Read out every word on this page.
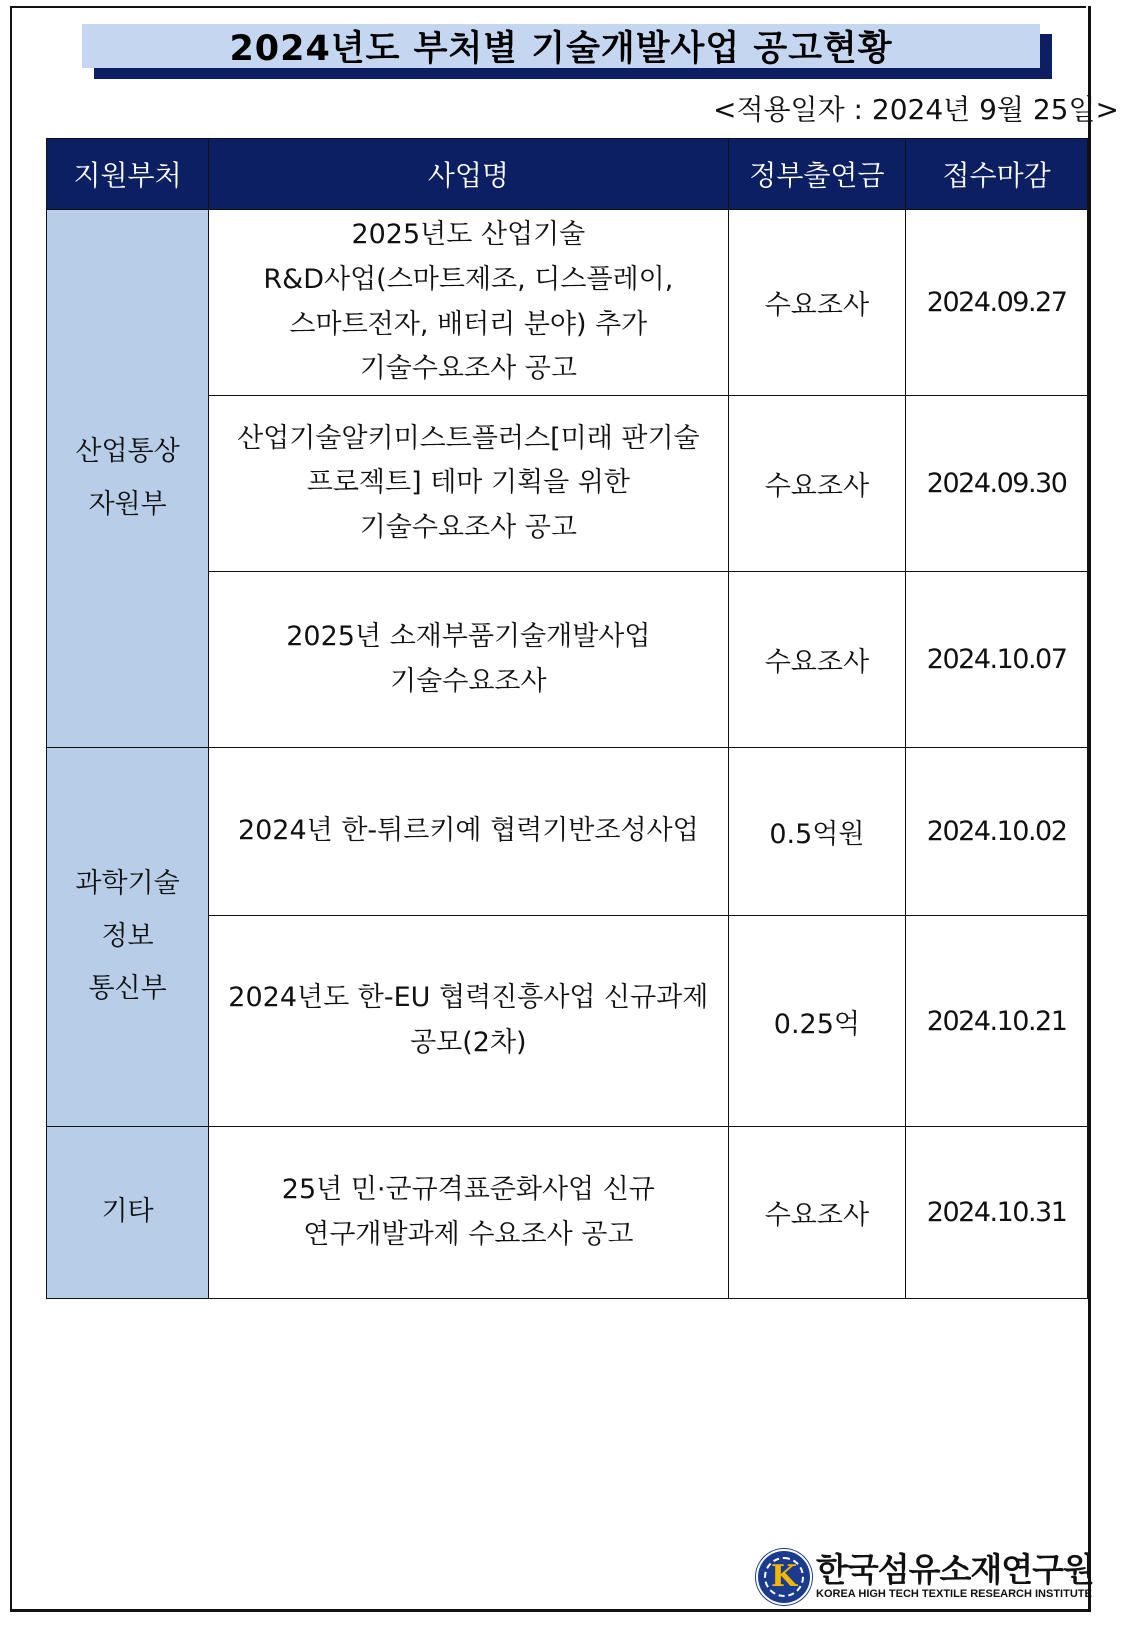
2024년도 부처별 기술개발사업 공고현황
<적용일자 : 2024년 9월 25일>
지원부처	사업명	정부출연금	접수마감

산업통상
자원부	2025년도 산업기술
R&D사업(스마트제조, 디스플레이,
스마트전자, 배터리 분야) 추가
기술수요조사 공고	수요조사	2024.09.27

	산업기술알키미스트플러스[미래 판기술
프로젝트] 테마 기획을 위한
기술수요조사 공고	수요조사	2024.09.30

	2025년 소재부품기술개발사업
기술수요조사	수요조사	2024.10.07

과학기술
정보
통신부	2024년 한-튀르키예 협력기반조성사업	0.5억원	2024.10.02

	2024년도 한-EU 협력진흥사업 신규과제
공모(2차)	0.25억	2024.10.21

기타	25년 민·군규격표준화사업 신규
연구개발과제 수요조사 공고	수요조사	2024.10.31
K 한국섬유소재연구원
KOREA HIGH TECH TEXTILE RESEARCH INSTITUTE
